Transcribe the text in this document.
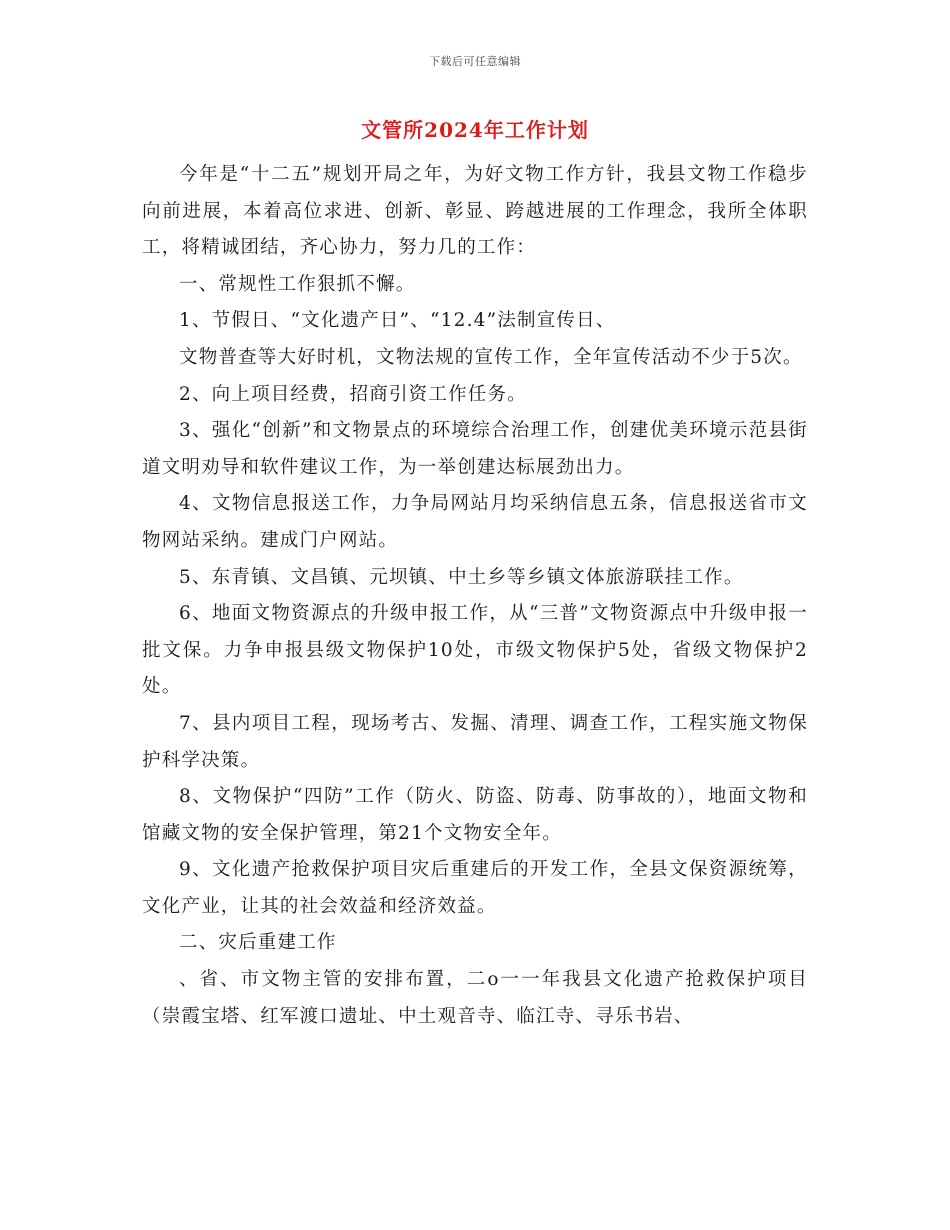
下载后可任意编辑
文管所2024年工作计划

今年是“十二五”规划开局之年，为好文物工作方针，我县文物工作稳步向前进展，本着高位求进、创新、彰显、跨越进展的工作理念，我所全体职工，将精诚团结，齐心协力，努力几的工作：

一、常规性工作狠抓不懈。

1、节假日、“文化遗产日”、“12.4”法制宣传日、

文物普查等大好时机，文物法规的宣传工作，全年宣传活动不少于5次。

2、向上项目经费，招商引资工作任务。

3、强化“创新”和文物景点的环境综合治理工作，创建优美环境示范县街道文明劝导和软件建议工作，为一举创建达标展劲出力。

4、文物信息报送工作，力争局网站月均采纳信息五条，信息报送省市文物网站采纳。建成门户网站。

5、东青镇、文昌镇、元坝镇、中土乡等乡镇文体旅游联挂工作。

6、地面文物资源点的升级申报工作，从“三普”文物资源点中升级申报一批文保。力争申报县级文物保护10处，市级文物保护5处，省级文物保护2处。

7、县内项目工程，现场考古、发掘、清理、调查工作，工程实施文物保护科学决策。

8、文物保护“四防”工作（防火、防盗、防毒、防事故的），地面文物和馆藏文物的安全保护管理，第21个文物安全年。

9、文化遗产抢救保护项目灾后重建后的开发工作，全县文保资源统筹，文化产业，让其的社会效益和经济效益。

二、灾后重建工作

、省、市文物主管的安排布置，二o一一年我县文化遗产抢救保护项目（崇霞宝塔、红军渡口遗址、中土观音寺、临江寺、寻乐书岩、
